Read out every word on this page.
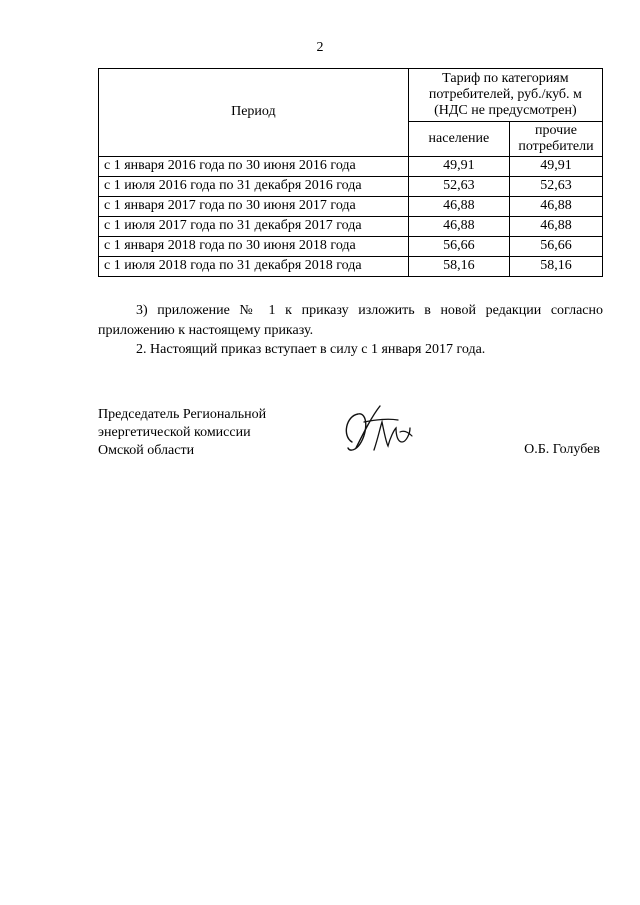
2
Период	Тариф по категориям
потребителей, руб./куб. м
(НДС не предусмотрен)	

	население	прочие
потребители

с 1 января 2016 года по 30 июня 2016 года	49,91	49,91
с 1 июля 2016 года по 31 декабря 2016 года	52,63	52,63
с 1 января 2017 года по 30 июня 2017 года	46,88	46,88
с 1 июля 2017 года по 31 декабря 2017 года	46,88	46,88
с 1 января 2018 года по 30 июня 2018 года	56,66	56,66
с 1 июля 2018 года по 31 декабря 2018 года	58,16	58,16

3) приложение № 1 к приказу изложить в новой редакции согласно приложению к настоящему приказу.

2. Настоящий приказ вступает в силу с 1 января 2017 года.

Председатель Региональной
энергетической комиссии
Омской области	О.Б. Голубев
